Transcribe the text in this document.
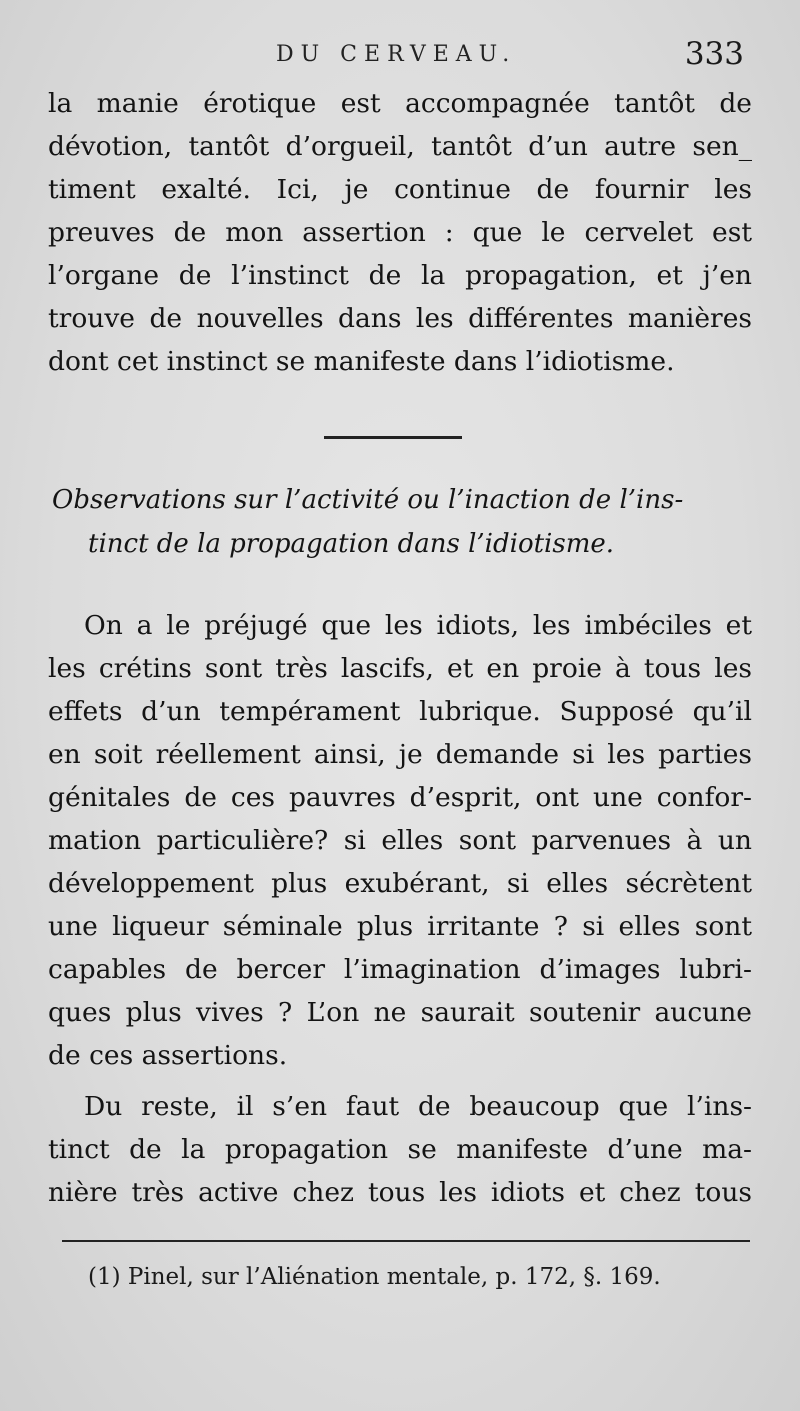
DU CERVEAU.	333
la manie érotique est accompagnée tantôt de
dévotion, tantôt d’orgueil, tantôt d’un autre sen_
timent exalté. Ici, je continue de fournir les
preuves de mon assertion : que le cervelet est
l’organe de l’instinct de la propagation, et j’en
trouve de nouvelles dans les différentes manières
dont cet instinct se manifeste dans l’idiotisme.
Observations sur l’activité ou l’inaction de l’ins-
tinct de la propagation dans l’idiotisme.
On a le préjugé que les idiots, les imbéciles et
les crétins sont très lascifs, et en proie à tous les
effets d’un tempérament lubrique. Supposé qu’il
en soit réellement ainsi, je demande si les parties
génitales de ces pauvres d’esprit, ont une confor-
mation particulière? si elles sont parvenues à un
développement plus exubérant, si elles sécrètent
une liqueur séminale plus irritante ? si elles sont
capables de bercer l’imagination d’images lubri-
ques plus vives ? L’on ne saurait soutenir aucune
de ces assertions.
Du reste, il s’en faut de beaucoup que l’ins-
tinct de la propagation se manifeste d’une ma-
nière très active chez tous les idiots et chez tous
(1) Pinel, sur l’Aliénation mentale, p. 172, §. 169.
